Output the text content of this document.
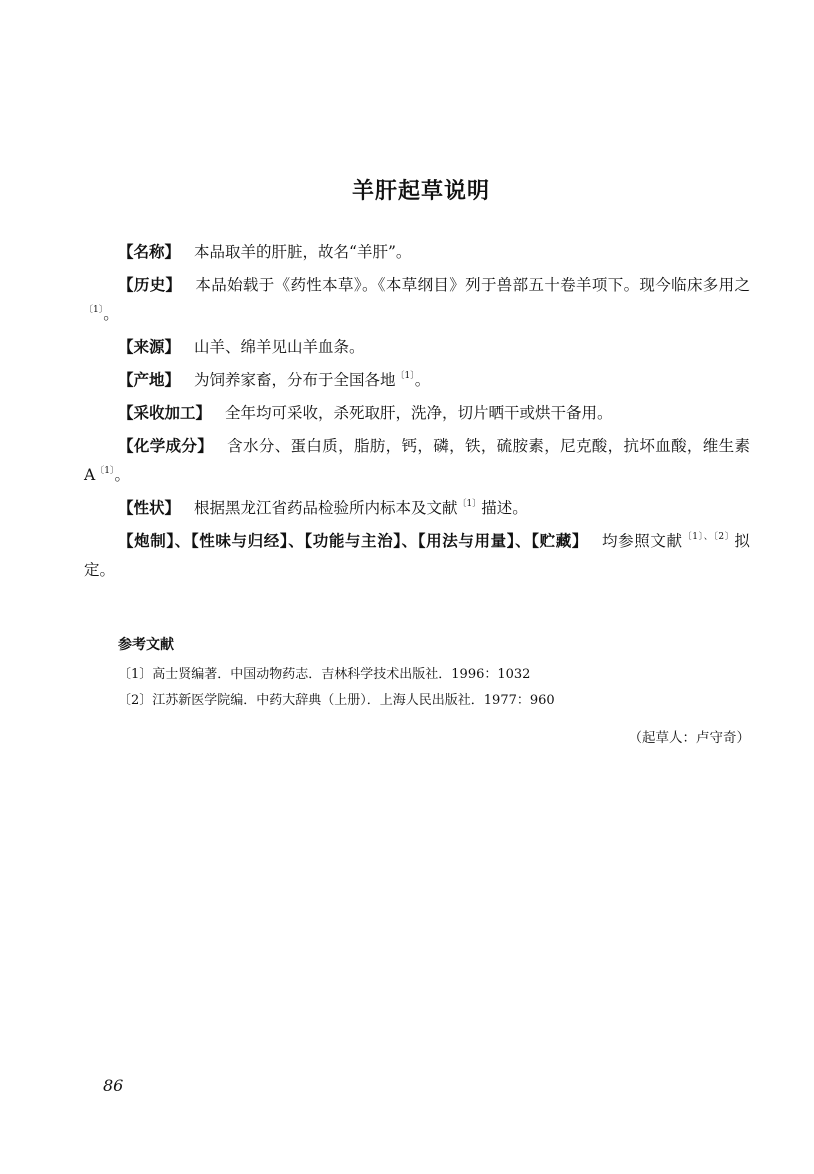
羊肝起草说明

【名称】 本品取羊的肝脏，故名“羊肝”。

【历史】 本品始载于《药性本草》。《本草纲目》列于兽部五十卷羊项下。现今临床多用之$^{〔1〕}$。

【来源】 山羊、绵羊见山羊血条。

【产地】 为饲养家畜，分布于全国各地$^{〔1〕}$。

【采收加工】 全年均可采收，杀死取肝，洗净，切片晒干或烘干备用。

【化学成分】 含水分、蛋白质，脂肪，钙，磷，铁，硫胺素，尼克酸，抗坏血酸，维生素 $A^{〔1〕}$。

【性状】 根据黑龙江省药品检验所内标本及文献$^{〔1〕}$描述。

【炮制】、【性味与归经】、【功能与主治】、【用法与用量】、【贮藏】 均参照文献$^{〔1〕、〔2〕}$拟定。

参考文献

〔1〕高士贤编著．中国动物药志．吉林科学技术出版社．1996：1032

〔2〕江苏新医学院编．中药大辞典（上册）．上海人民出版社．1977：960

（起草人：卢守奇）
86
